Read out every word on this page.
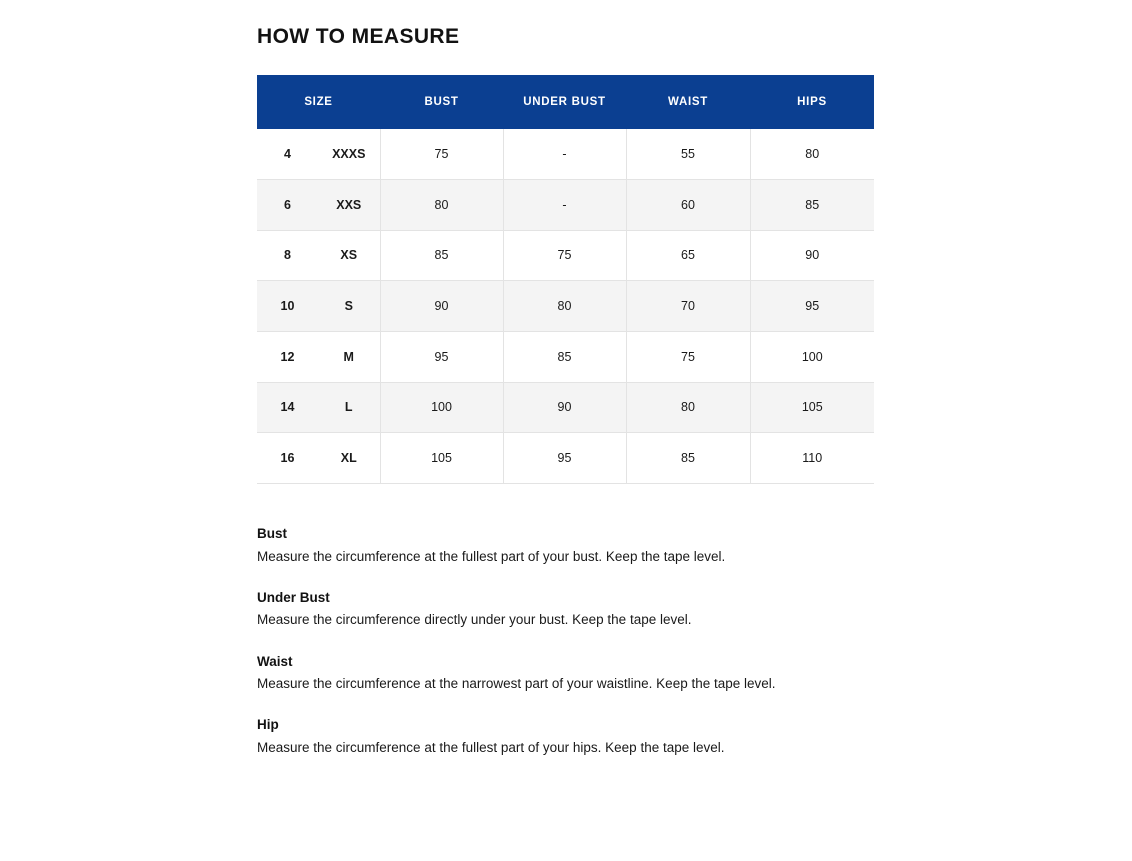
HOW TO MEASURE
SIZE		BUST	UNDER BUST	WAIST	HIPS
4	XXXS	75	-	55	80
6	XXS	80	-	60	85
8	XS	85	75	65	90
10	S	90	80	70	95
12	M	95	85	75	100
14	L	100	90	80	105
16	XL	105	95	85	110

Bust

Measure the circumference at the fullest part of your bust. Keep the tape level.

Under Bust

Measure the circumference directly under your bust. Keep the tape level.

Waist

Measure the circumference at the narrowest part of your waistline. Keep the tape level.

Hip

Measure the circumference at the fullest part of your hips. Keep the tape level.
